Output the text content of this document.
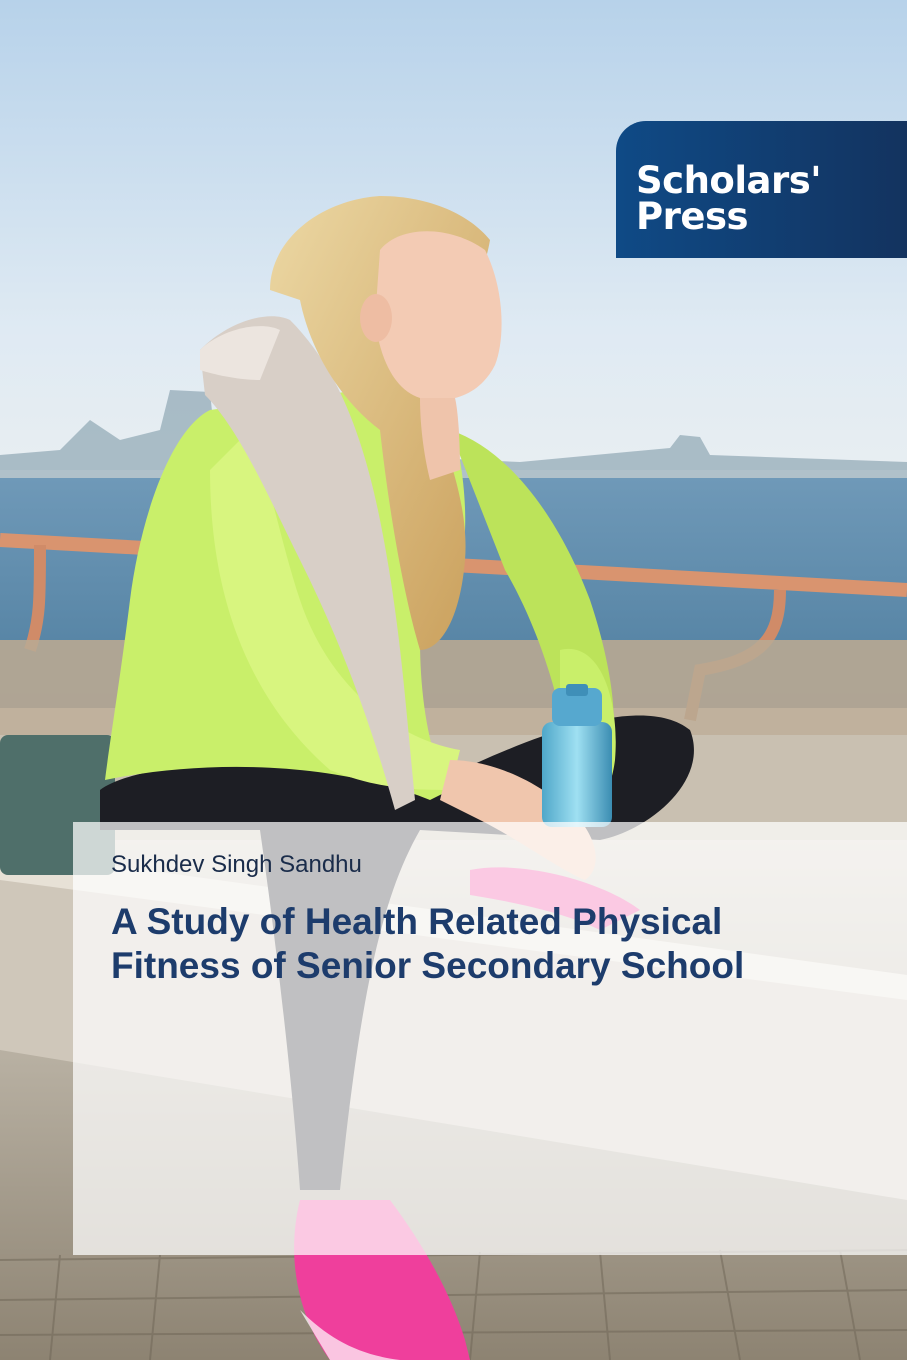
Scholars'
Press
Sukhdev Singh Sandhu
A Study of Health Related Physical Fitness of Senior Secondary School
